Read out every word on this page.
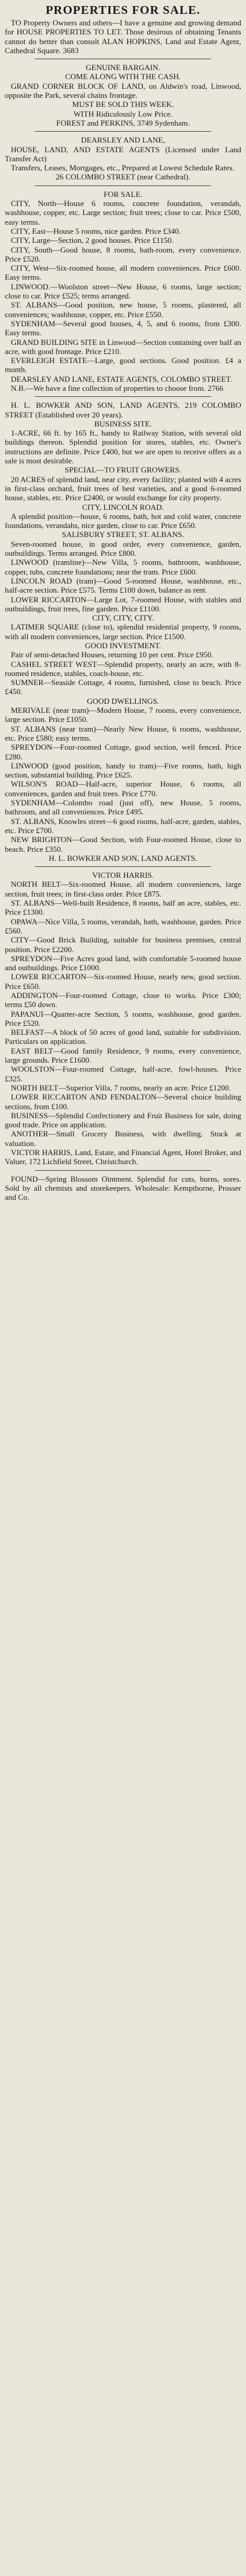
PROPERTIES FOR SALE.

TO Property Owners and others—I have a genuine and growing demand for HOUSE PROPERTIES TO LET. Those desirous of obtaining Tenants cannot do better than consult ALAN HOPKINS, Land and Estate Agent, Cathedral Square. 3683

GENUINE BARGAIN.

COME ALONG WITH THE CASH.

GRAND CORNER BLOCK OF LAND, on Aldwin's road, Linwood, opposite the Park, several chains frontage.

MUST BE SOLD THIS WEEK.

WITH Ridiculously Low Price.

FOREST and PERKINS, 3749 Sydenham.

DEARSLEY AND LANE,

HOUSE, LAND, AND ESTATE AGENTS (Licensed under Land Transfer Act)

Transfers, Leases, Mortgages, etc., Prepared at Lowest Schedule Rates.

26 COLOMBO STREET (near Cathedral).

FOR SALE.

CITY, North—House 6 rooms, concrete foundation, verandah, washhouse, copper, etc. Large section; fruit trees; close to car. Price £500, easy terms.

CITY, East—House 5 rooms, nice garden. Price £340.

CITY, Large—Section, 2 good houses. Price £1150.

CITY, South—Good house, 8 rooms, bath-room, every convenience. Price £520.

CITY, West—Six-roomed house, all modern conveniences. Price £600. Easy terms.

LINWOOD.—Woolston street—New House, 6 rooms, large section; close to car. Price £525; terms arranged.

ST. ALBANS—Good position, new house, 5 rooms, plastered, all conveniences; washhouse, copper, etc. Price £550.

SYDENHAM—Several good houses, 4, 5, and 6 rooms, from £300. Easy terms.

GRAND BUILDING SITE in Linwood—Section containing over half an acre, with good frontage. Price £210.

EVERLEIGH ESTATE—Large, good sections. Good position. £4 a month.

DEARSLEY AND LANE, ESTATE AGENTS, COLOMBO STREET.

N.B.—We have a fine collection of properties to choose from. 2766

H. L. BOWKER AND SON, LAND AGENTS, 219 COLOMBO STREET (Established over 20 years).

BUSINESS SITE.

1-ACRE, 66 ft. by 165 ft., handy to Railway Station, with several old buildings thereon. Splendid position for stores, stables, etc. Owner's instructions are definite. Price £400, but we are open to receive offers as a sale is most desirable.

SPECIAL—TO FRUIT GROWERS.

20 ACRES of splendid land, near city, every facility; planted with 4 acres in first-class orchard, fruit trees of best varieties, and a good 6-roomed house, stables, etc. Price £2400, or would exchange for city property.

CITY, LINCOLN ROAD.

A splendid position—house, 6 rooms, bath, hot and cold water, concrete foundations, verandahs, nice garden, close to car. Price £650.

SALISBURY STREET, ST. ALBANS.

Seven-roomed house, in good order, every convenience, garden, outbuildings. Terms arranged. Price £800.

LINWOOD (tramline)—New Villa, 5 rooms, bathroom, washhouse, copper, tubs, concrete foundations; near the tram. Price £600.

LINCOLN ROAD (tram)—Good 5-roomed House, washhouse, etc., half-acre section. Price £575. Terms £100 down, balance as rent.

LOWER RICCARTON—Large Lot, 7-roomed House, with stables and outbuildings, fruit trees, fine garden. Price £1100.

CITY, CITY, CITY.

LATIMER SQUARE (close to), splendid residential property, 9 rooms, with all modern conveniences, large section. Price £1500.

GOOD INVESTMENT.

Pair of semi-detached Houses, returning 10 per cent. Price £950.

CASHEL STREET WEST—Splendid property, nearly an acre, with 8-roomed residence, stables, coach-house, etc.

SUMNER—Seaside Cottage, 4 rooms, furnished, close to beach. Price £450.

GOOD DWELLINGS.

MERIVALE (near tram)—Modern House, 7 rooms, every convenience, large section. Price £1050.

ST. ALBANS (near tram)—Nearly New House, 6 rooms, washhouse, etc. Price £580; easy terms.

SPREYDON—Four-roomed Cottage, good section, well fenced. Price £280.

LINWOOD (good position, handy to tram)—Five rooms, bath, high section, substantial building. Price £625.

WILSON'S ROAD—Half-acre, superior House, 6 rooms, all conveniences, garden and fruit trees. Price £770.

SYDENHAM—Colombo road (just off), new House, 5 rooms, bathroom, and all conveniences. Price £495.

ST. ALBANS, Knowles street—6 good rooms, half-acre, garden, stables, etc. Price £700.

NEW BRIGHTON—Good Section, with Four-roomed House, close to beach. Price £350.

H. L. BOWKER AND SON, LAND AGENTS.

VICTOR HARRIS.

NORTH BELT—Six-roomed House, all modern conveniences, large section, fruit trees; in first-class order. Price £875.

ST. ALBANS—Well-built Residence, 8 rooms, half an acre, stables, etc. Price £1300.

OPAWA—Nice Villa, 5 rooms, verandah, bath, washhouse, garden. Price £560.

CITY—Good Brick Building, suitable for business premises, central position. Price £2200.

SPREYDON—Five Acres good land, with comfortable 5-roomed house and outbuildings. Price £1000.

LOWER RICCARTON—Six-roomed House, nearly new, good section. Price £650.

ADDINGTON—Four-roomed Cottage, close to works. Price £300; terms £50 down.

PAPANUI—Quarter-acre Section, 5 rooms, washhouse, good garden. Price £520.

BELFAST—A block of 50 acres of good land, suitable for subdivision. Particulars on application.

EAST BELT—Good family Residence, 9 rooms, every convenience, large grounds. Price £1600.

WOOLSTON—Four-roomed Cottage, half-acre, fowl-houses. Price £325.

NORTH BELT—Superior Villa, 7 rooms, nearly an acre. Price £1200.

LOWER RICCARTON AND FENDALTON—Several choice building sections, from £100.

BUSINESS—Splendid Confectionery and Fruit Business for sale, doing good trade. Price on application.

ANOTHER—Small Grocery Business, with dwelling. Stock at valuation.

VICTOR HARRIS, Land, Estate, and Financial Agent, Hotel Broker, and Valuer, 172 Lichfield Street, Christchurch.

FOUND—Spring Blossom Ointment. Splendid for cuts, burns, sores. Sold by all chemists and storekeepers. Wholesale: Kempthorne, Prosser and Co.
